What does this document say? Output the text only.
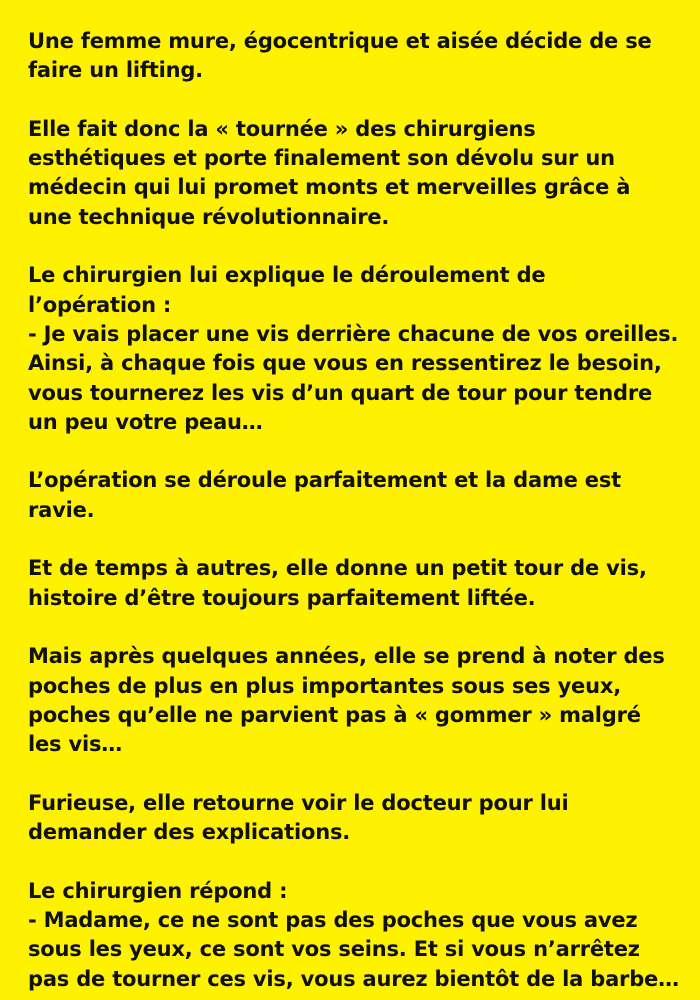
Une femme mure, égocentrique et aisée décide de se faire un lifting.

Elle fait donc la « tournée » des chirurgiens esthétiques et porte finalement son dévolu sur un médecin qui lui promet monts et merveilles grâce à une technique révolutionnaire.

Le chirurgien lui explique le déroulement de l’opération :
- Je vais placer une vis derrière chacune de vos oreilles. Ainsi, à chaque fois que vous en ressentirez le besoin, vous tournerez les vis d’un quart de tour pour tendre un peu votre peau…

L’opération se déroule parfaitement et la dame est ravie.

Et de temps à autres, elle donne un petit tour de vis, histoire d’être toujours parfaitement liftée.

Mais après quelques années, elle se prend à noter des poches de plus en plus importantes sous ses yeux, poches qu’elle ne parvient pas à « gommer » malgré les vis…

Furieuse, elle retourne voir le docteur pour lui demander des explications.

Le chirurgien répond :
- Madame, ce ne sont pas des poches que vous avez sous les yeux, ce sont vos seins. Et si vous n’arrêtez pas de tourner ces vis, vous aurez bientôt de la barbe…
